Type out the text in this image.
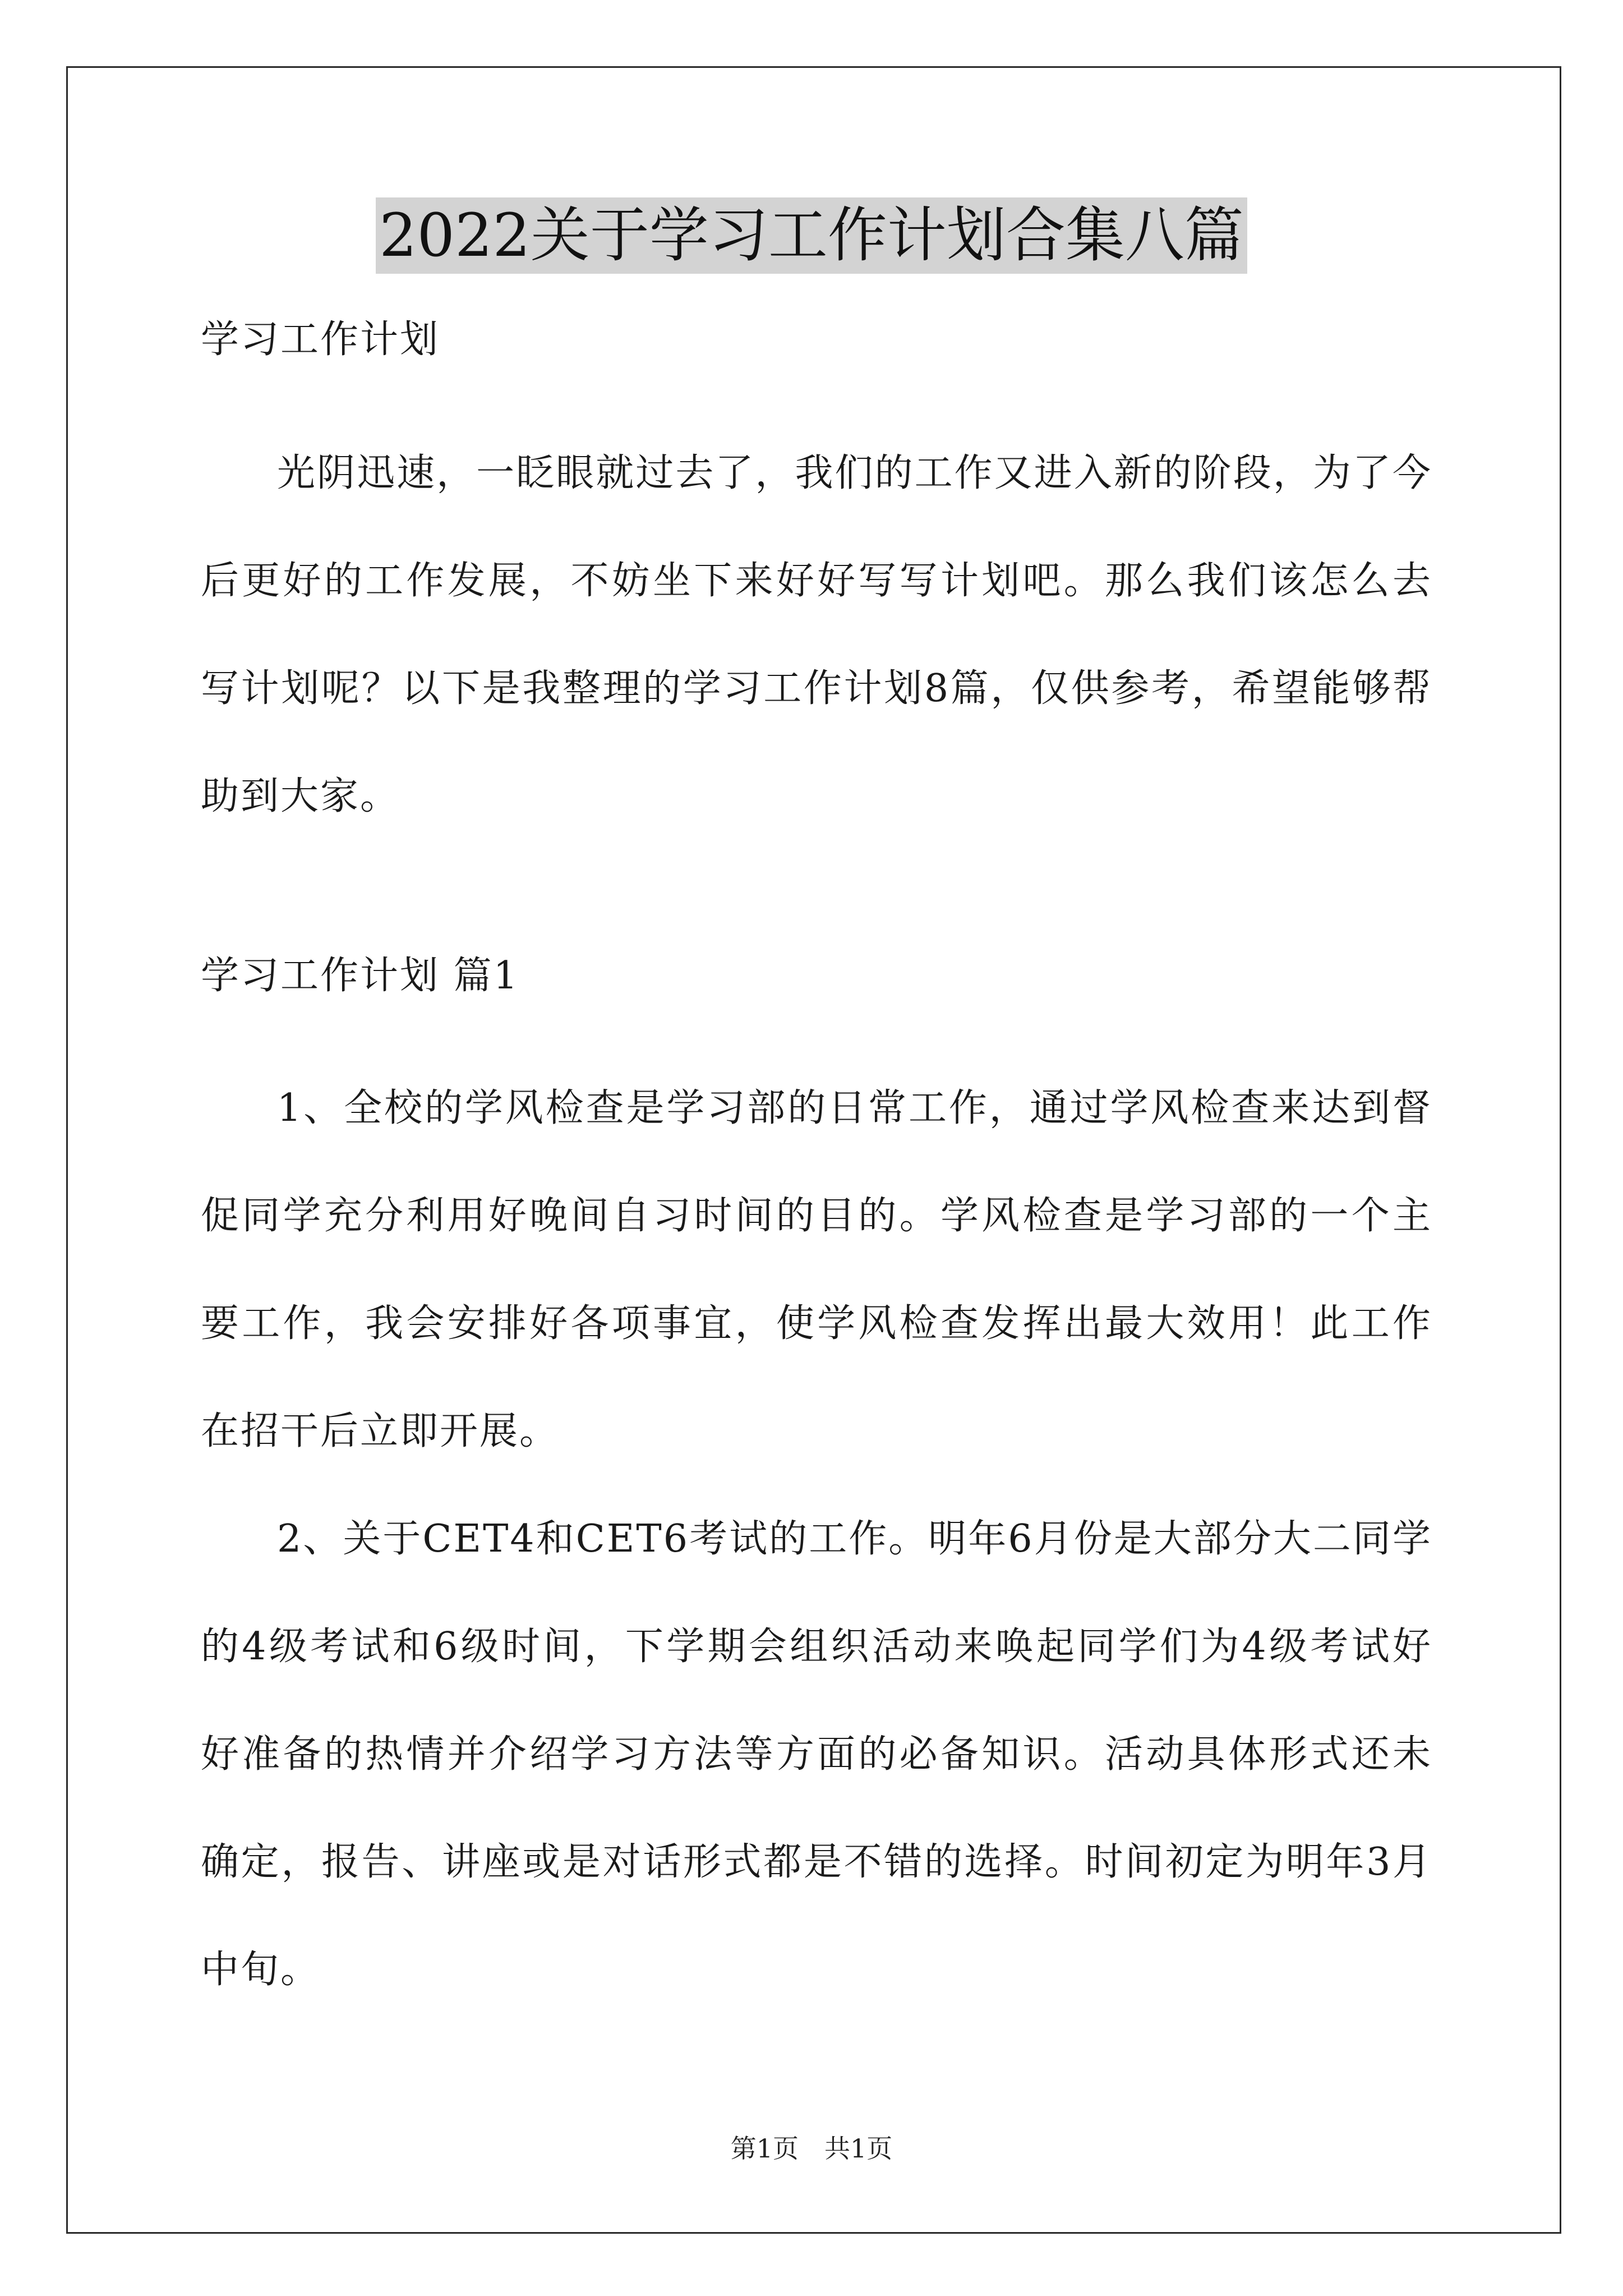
2022关于学习工作计划合集八篇

学习工作计划

光阴迅速，一眨眼就过去了，我们的工作又进入新的阶段，为了今后更好的工作发展，不妨坐下来好好写写计划吧。那么我们该怎么去写计划呢？以下是我整理的学习工作计划8篇，仅供参考，希望能够帮助到大家。

学习工作计划 篇1

1、全校的学风检查是学习部的日常工作，通过学风检查来达到督促同学充分利用好晚间自习时间的目的。学风检查是学习部的一个主要工作，我会安排好各项事宜，使学风检查发挥出最大效用！此工作在招干后立即开展。

2、关于CET4和CET6考试的工作。明年6月份是大部分大二同学的4级考试和6级时间，下学期会组织活动来唤起同学们为4级考试好好准备的热情并介绍学习方法等方面的必备知识。活动具体形式还未确定，报告、讲座或是对话形式都是不错的选择。时间初定为明年3月中旬。

第1页　共1页
